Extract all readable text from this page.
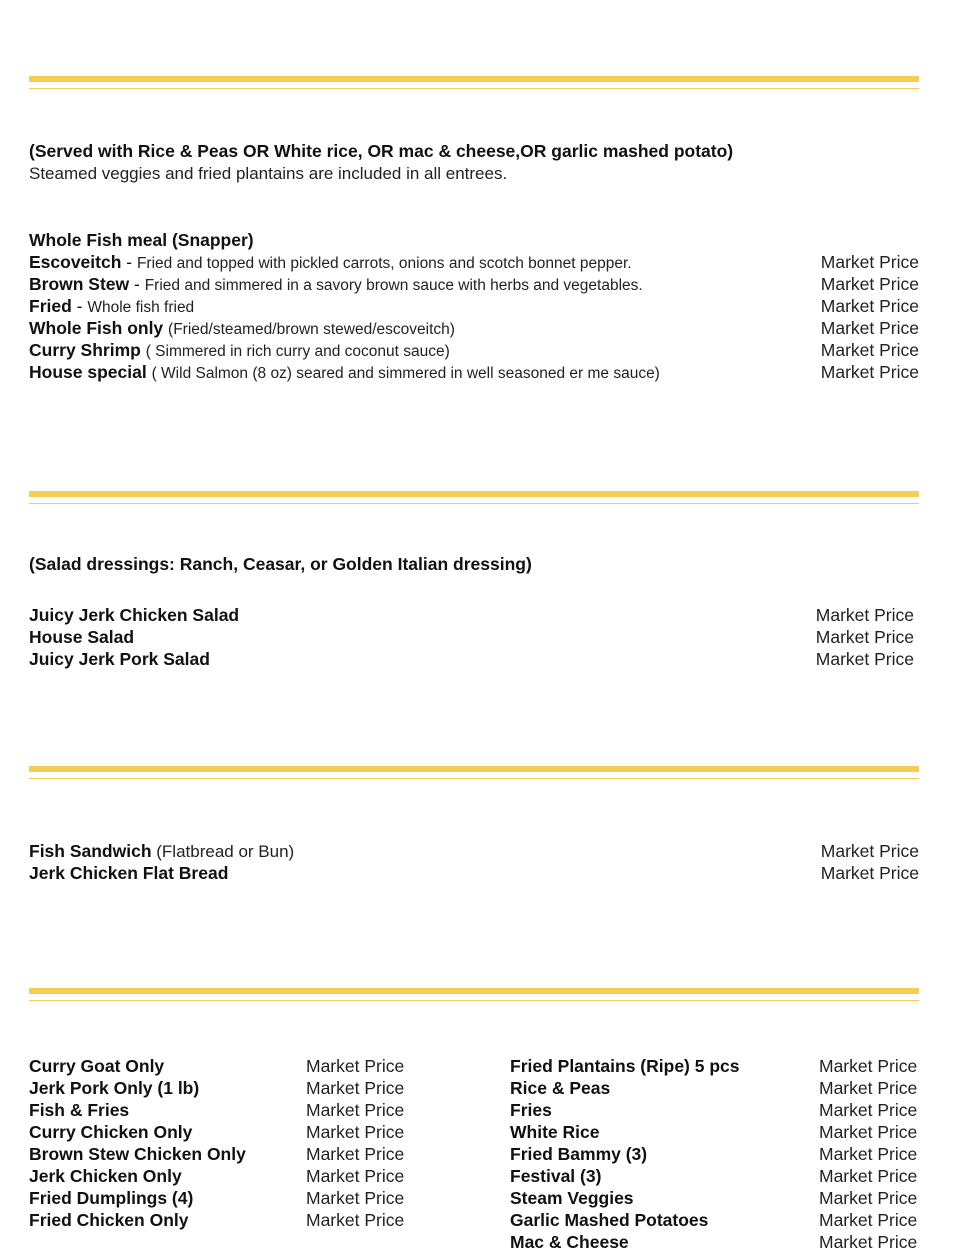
(Served with Rice & Peas OR White rice, OR mac & cheese,OR garlic mashed potato)
Steamed veggies and fried plantains are included in all entrees.
Whole Fish meal (Snapper)
Escoveitch - Fried and topped with pickled carrots, onions and scotch bonnet pepper.	Market Price
Brown Stew - Fried and simmered in a savory brown sauce with herbs and vegetables.	Market Price
Fried - Whole fish fried	Market Price
Whole Fish only (Fried/steamed/brown stewed/escoveitch)	Market Price
Curry Shrimp ( Simmered in rich curry and coconut sauce)	Market Price
House special ( Wild Salmon (8 oz) seared and simmered in well seasoned er me sauce)	Market Price
(Salad dressings: Ranch, Ceasar, or Golden Italian dressing)
Juicy Jerk Chicken Salad	Market Price
House Salad	Market Price
Juicy Jerk Pork Salad	Market Price
Fish Sandwich (Flatbread or Bun)	Market Price
Jerk Chicken Flat Bread	Market Price
Curry Goat Only	Market Price
Jerk Pork Only (1 lb)	Market Price
Fish & Fries	Market Price
Curry Chicken Only	Market Price
Brown Stew Chicken Only	Market Price
Jerk Chicken Only	Market Price
Fried Dumplings (4)	Market Price
Fried Chicken Only	Market Price
Fried Plantains (Ripe) 5 pcs	Market Price
Rice & Peas	Market Price
Fries	Market Price
White Rice	Market Price
Fried Bammy (3)	Market Price
Festival (3)	Market Price
Steam Veggies	Market Price
Garlic Mashed Potatoes	Market Price
Mac & Cheese	Market Price
